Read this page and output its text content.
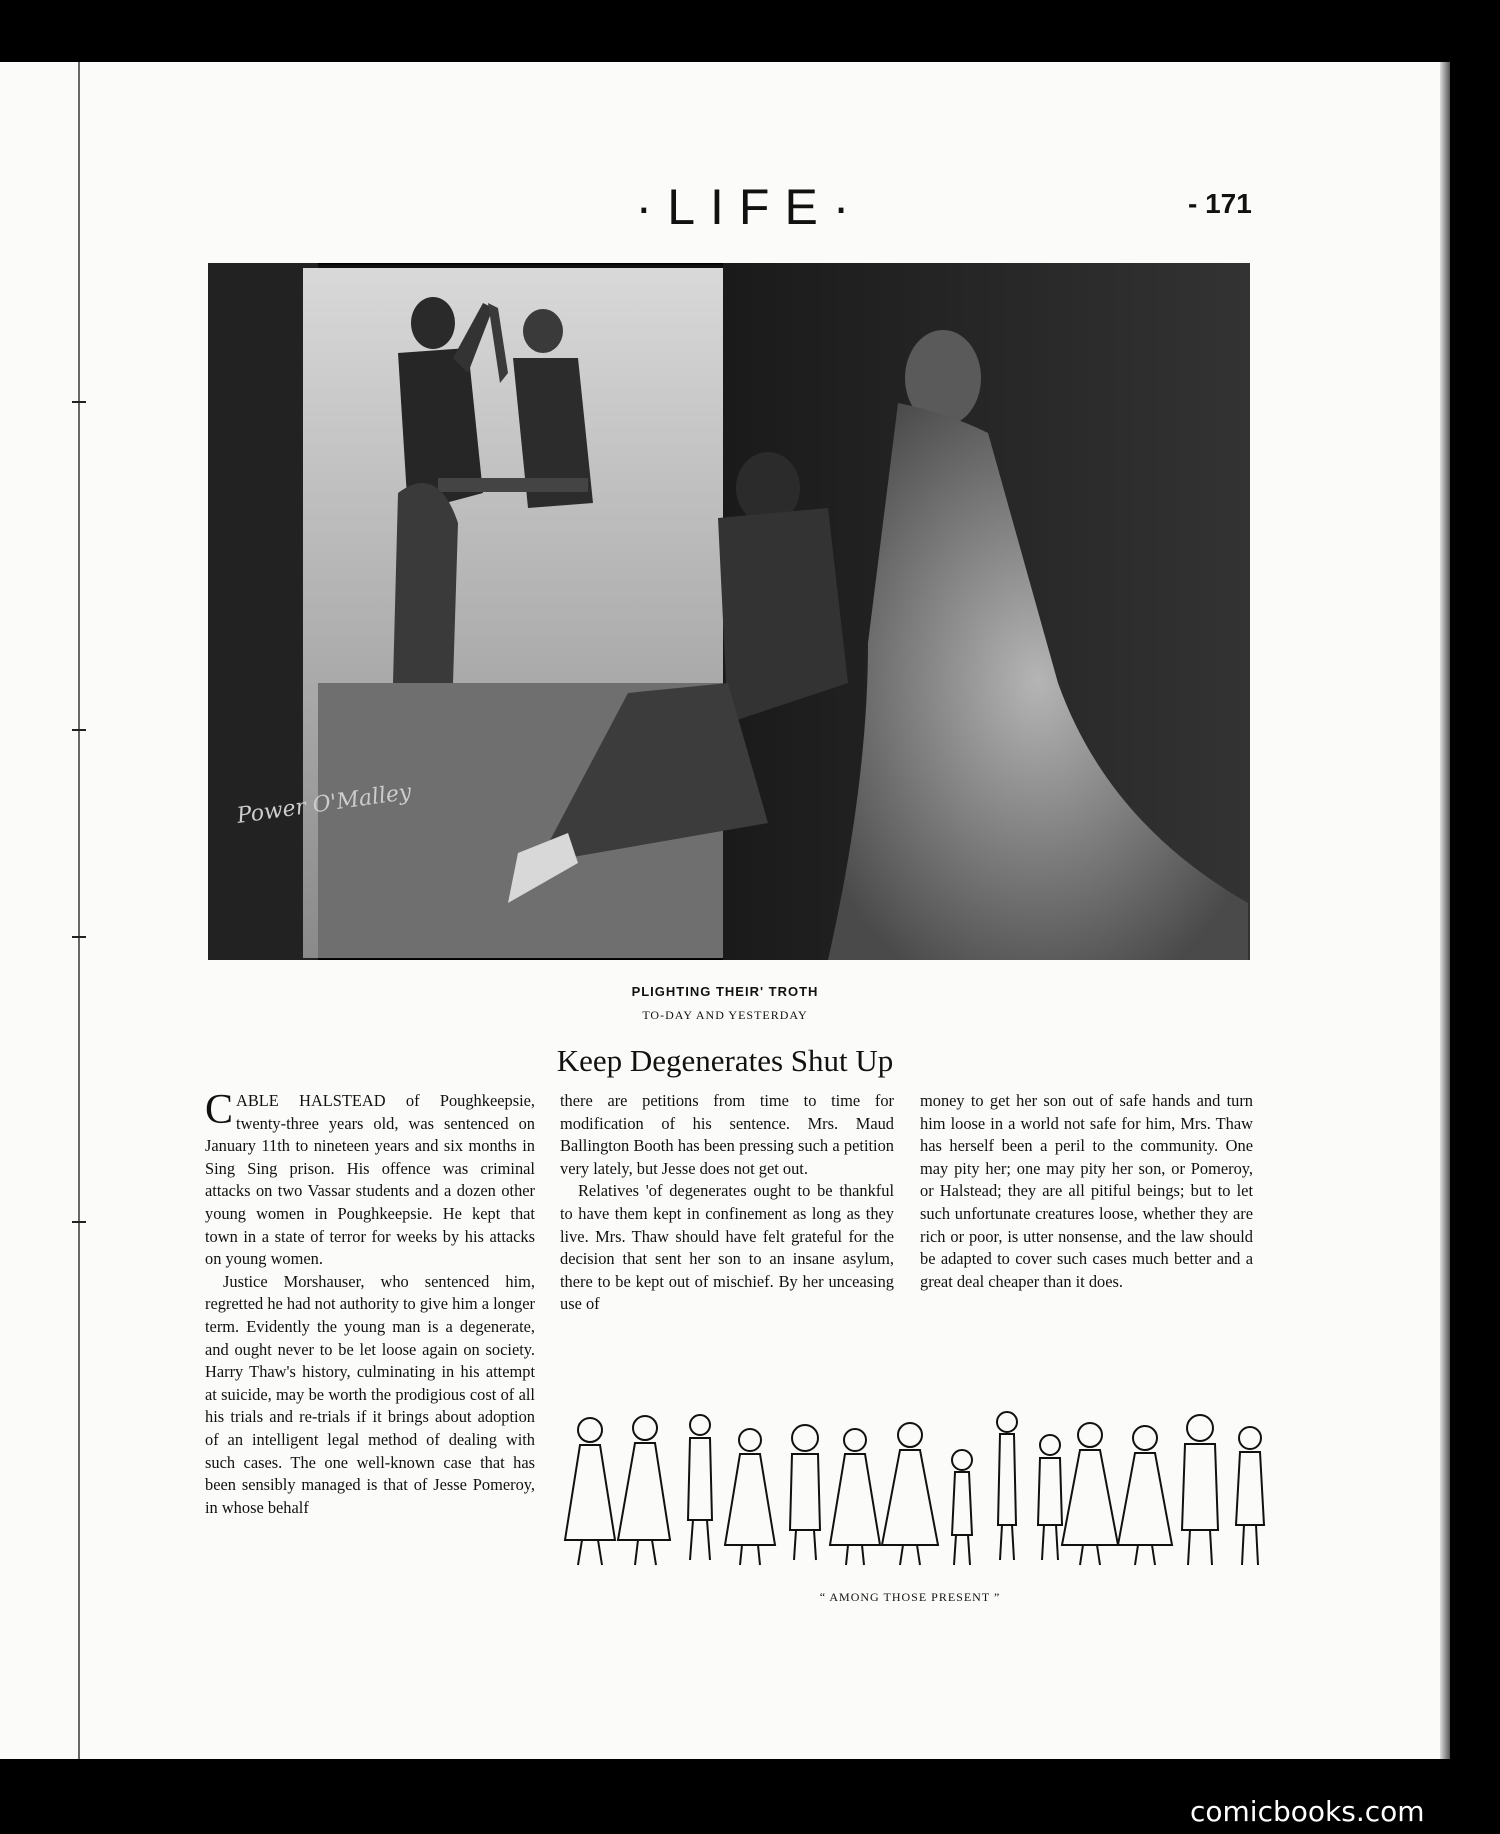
·LIFE·	- 171
Power O'Malley
PLIGHTING THEIR' TROTH
TO-DAY AND YESTERDAY
Keep Degenerates Shut Up

CABLE HALSTEAD of Poughkeepsie, twenty-three years old, was sentenced on January 11th to nineteen years and six months in Sing Sing prison. His offence was criminal attacks on two Vassar students and a dozen other young women in Poughkeepsie. He kept that town in a state of terror for weeks by his attacks on young women.

Justice Morshauser, who sentenced him, regretted he had not authority to give him a longer term. Evidently the young man is a degenerate, and ought never to be let loose again on society. Harry Thaw's history, culminating in his attempt at suicide, may be worth the prodigious cost of all his trials and re-trials if it brings about adoption of an intelligent legal method of dealing with such cases. The one well-known case that has been sensibly managed is that of Jesse Pomeroy, in whose behalf

there are petitions from time to time for modification of his sentence. Mrs. Maud Ballington Booth has been pressing such a petition very lately, but Jesse does not get out.

Relatives 'of degenerates ought to be thankful to have them kept in confinement as long as they live. Mrs. Thaw should have felt grateful for the decision that sent her son to an insane asylum, there to be kept out of mischief. By her unceasing use of

money to get her son out of safe hands and turn him loose in a world not safe for him, Mrs. Thaw has herself been a peril to the community. One may pity her; one may pity her son, or Pomeroy, or Halstead; they are all pitiful beings; but to let such unfortunate creatures loose, whether they are rich or poor, is utter nonsense, and the law should be adapted to cover such cases much better and a great deal cheaper than it does.

“ AMONG THOSE PRESENT ”
comicbooks.com
